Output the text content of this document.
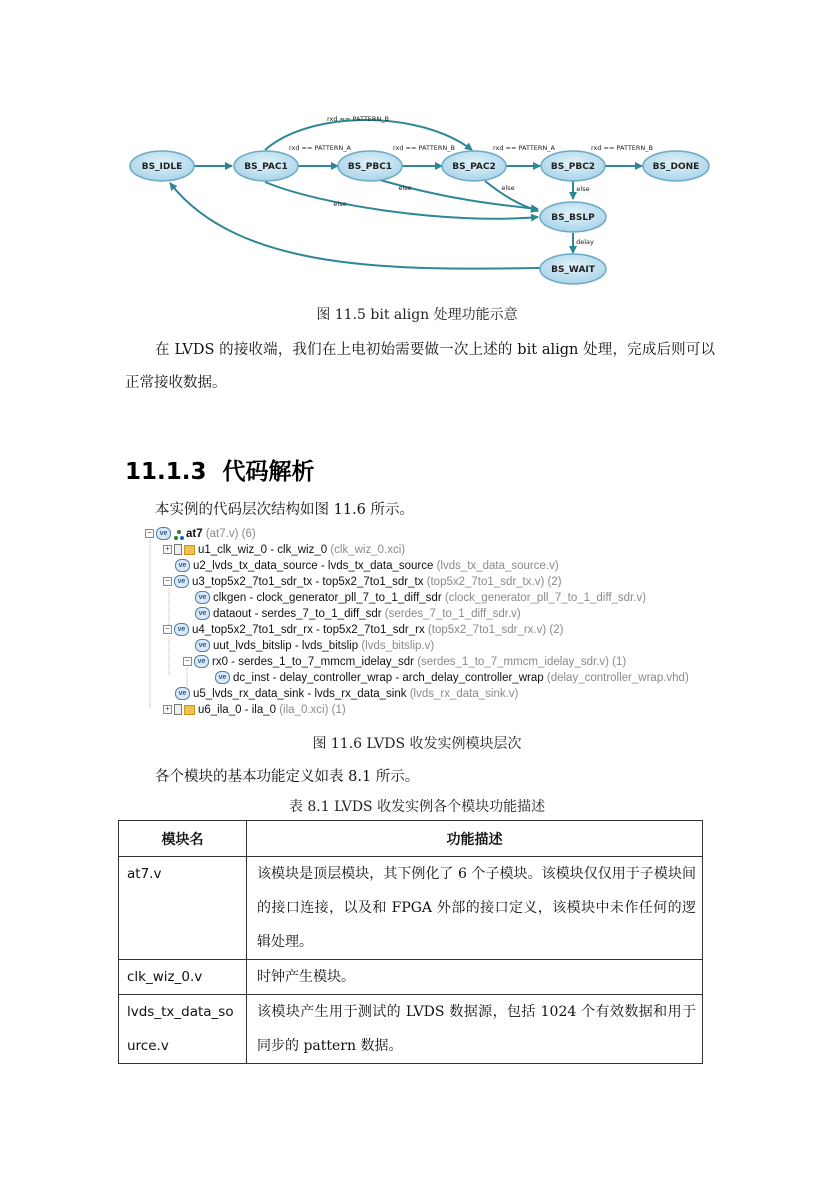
BS_IDLE	BS_PAC1	BS_PBC1	BS_PAC2	BS_PBC2	BS_DONE
BS_BSLP
BS_WAIT
rxd == PATTERN_B
rxd == PATTERN_A	rxd == PATTERN_B	rxd == PATTERN_A	rxd == PATTERN_B
else	else	else
else
delay
图 11.5 bit align 处理功能示意
在 LVDS 的接收端，我们在上电初始需要做一次上述的 bit align 处理，完成后则可以正常接收数据。
11.1.3 代码解析
本实例的代码层次结构如图 11.6 所示。
− ve at7 (at7.v) (6)
+ u1_clk_wiz_0 - clk_wiz_0 (clk_wiz_0.xci)
ve u2_lvds_tx_data_source - lvds_tx_data_source (lvds_tx_data_source.v)
− ve u3_top5x2_7to1_sdr_tx - top5x2_7to1_sdr_tx (top5x2_7to1_sdr_tx.v) (2)
ve clkgen - clock_generator_pll_7_to_1_diff_sdr (clock_generator_pll_7_to_1_diff_sdr.v)
ve dataout - serdes_7_to_1_diff_sdr (serdes_7_to_1_diff_sdr.v)
− ve u4_top5x2_7to1_sdr_rx - top5x2_7to1_sdr_rx (top5x2_7to1_sdr_rx.v) (2)
ve uut_lvds_bitslip - lvds_bitslip (lvds_bitslip.v)
− ve rx0 - serdes_1_to_7_mmcm_idelay_sdr (serdes_1_to_7_mmcm_idelay_sdr.v) (1)
ve dc_inst - delay_controller_wrap - arch_delay_controller_wrap (delay_controller_wrap.vhd)
ve u5_lvds_rx_data_sink - lvds_rx_data_sink (lvds_rx_data_sink.v)
+ u6_ila_0 - ila_0 (ila_0.xci) (1)
图 11.6 LVDS 收发实例模块层次
各个模块的基本功能定义如表 8.1 所示。
表 8.1 LVDS 收发实例各个模块功能描述
模块名	功能描述
at7.v	该模块是顶层模块，其下例化了 6 个子模块。该模块仅仅用于子模块间的接口连接，以及和 FPGA 外部的接口定义，该模块中未作任何的逻辑处理。
clk_wiz_0.v	时钟产生模块。
lvds_tx_data_source.v	该模块产生用于测试的 LVDS 数据源，包括 1024 个有效数据和用于同步的 pattern 数据。
